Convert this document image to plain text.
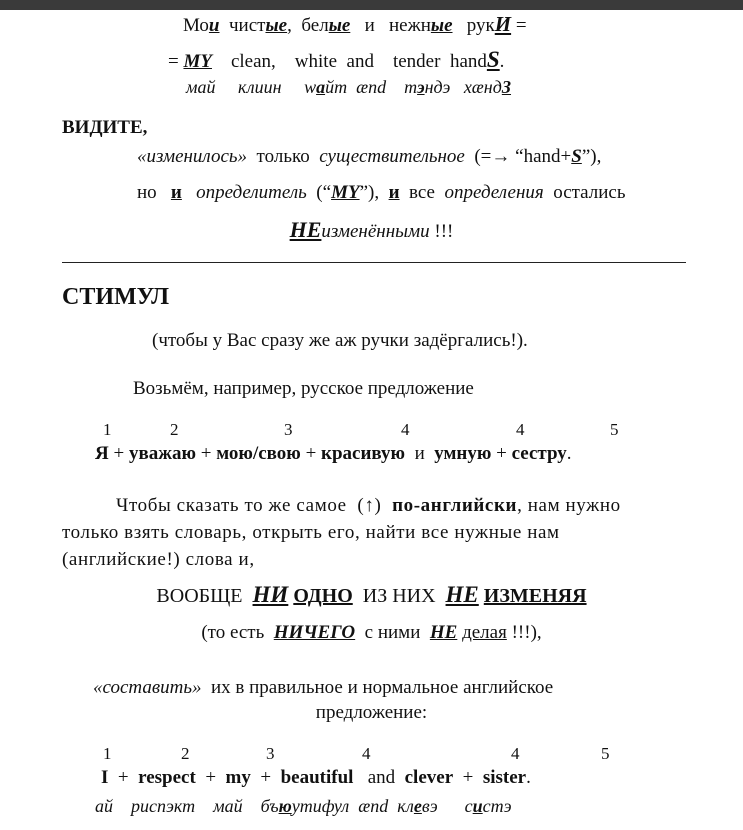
Мои чистые,  белые и нежные рукИ =
= MY clean, white and tender handS.
май клиин wайт ænd тэндэ хæндЗ
ВИДИТЕ,
«изменилось» только существительное (=→ “hand+S”),
но и определитель (“MY”), и все определения остались
НЕизменёнными !!!
СТИМУЛ
(чтобы у Вас сразу же аж ручки задёргались!).
Возьмём, например, русское предложение
1	2	3	4	4	5
Я + уважаю + мою/свою + красивую и умную + сестру.
Чтобы сказать то же самое (↑) по-английски, нам нужно
только взять словарь, открыть его, найти все нужные нам
(английские!) слова и,
ВООБЩЕ НИ ОДНО ИЗ НИХ НЕ ИЗМЕНЯЯ
(то есть НИЧЕГО с ними НЕ делая !!!),
«составить» их в правильное и нормальное английское
предложение:
1	2	3	4	4	5
I + respect + my + beautiful and clever + sister.
ай риспэкт май бъюутифул ænd клевэ систэ
